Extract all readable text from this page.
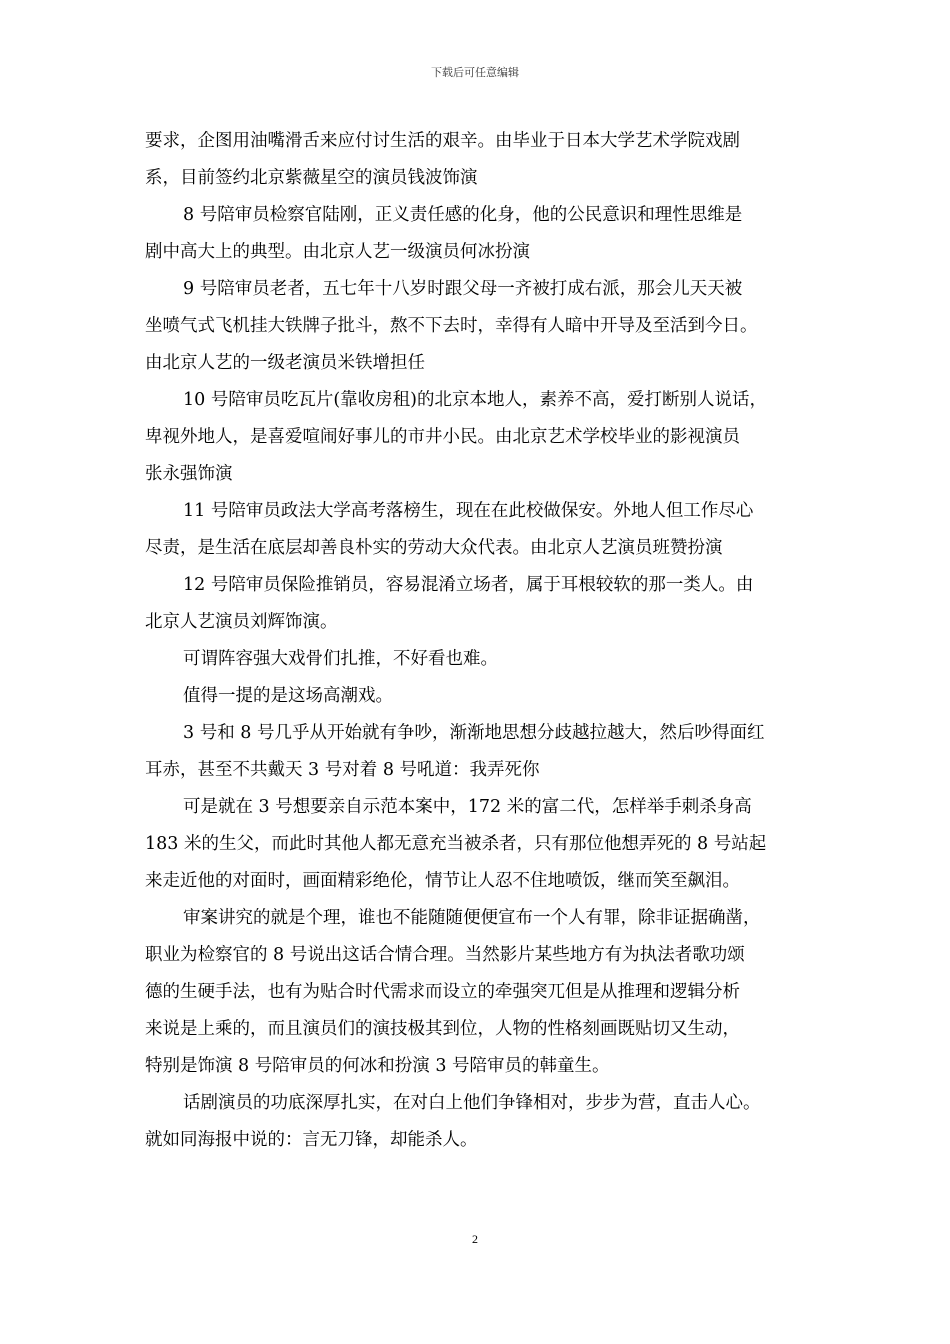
下载后可任意编辑
要求，企图用油嘴滑舌来应付讨生活的艰辛。由毕业于日本大学艺术学院戏剧
系，目前签约北京紫薇星空的演员钱波饰演
8 号陪审员检察官陆刚，正义责任感的化身，他的公民意识和理性思维是
剧中高大上的典型。由北京人艺一级演员何冰扮演
9 号陪审员老者，五七年十八岁时跟父母一齐被打成右派，那会儿天天被
坐喷气式飞机挂大铁牌子批斗，熬不下去时，幸得有人暗中开导及至活到今日。
由北京人艺的一级老演员米铁增担任
10 号陪审员吃瓦片(靠收房租)的北京本地人，素养不高，爱打断别人说话，
卑视外地人，是喜爱喧闹好事儿的市井小民。由北京艺术学校毕业的影视演员
张永强饰演
11 号陪审员政法大学高考落榜生，现在在此校做保安。外地人但工作尽心
尽责，是生活在底层却善良朴实的劳动大众代表。由北京人艺演员班赞扮演
12 号陪审员保险推销员，容易混淆立场者，属于耳根较软的那一类人。由
北京人艺演员刘辉饰演。
可谓阵容强大戏骨们扎推，不好看也难。
值得一提的是这场高潮戏。
3 号和 8 号几乎从开始就有争吵，渐渐地思想分歧越拉越大，然后吵得面红
耳赤，甚至不共戴天 3 号对着 8 号吼道：我弄死你
可是就在 3 号想要亲自示范本案中，172 米的富二代，怎样举手刺杀身高
183 米的生父，而此时其他人都无意充当被杀者，只有那位他想弄死的 8 号站起
来走近他的对面时，画面精彩绝伦，情节让人忍不住地喷饭，继而笑至飙泪。
审案讲究的就是个理，谁也不能随随便便宣布一个人有罪，除非证据确凿，
职业为检察官的 8 号说出这话合情合理。当然影片某些地方有为执法者歌功颂
德的生硬手法，也有为贴合时代需求而设立的牵强突兀但是从推理和逻辑分析
来说是上乘的，而且演员们的演技极其到位，人物的性格刻画既贴切又生动，
特别是饰演 8 号陪审员的何冰和扮演 3 号陪审员的韩童生。
话剧演员的功底深厚扎实，在对白上他们争锋相对，步步为营，直击人心。
就如同海报中说的：言无刀锋，却能杀人。
2
